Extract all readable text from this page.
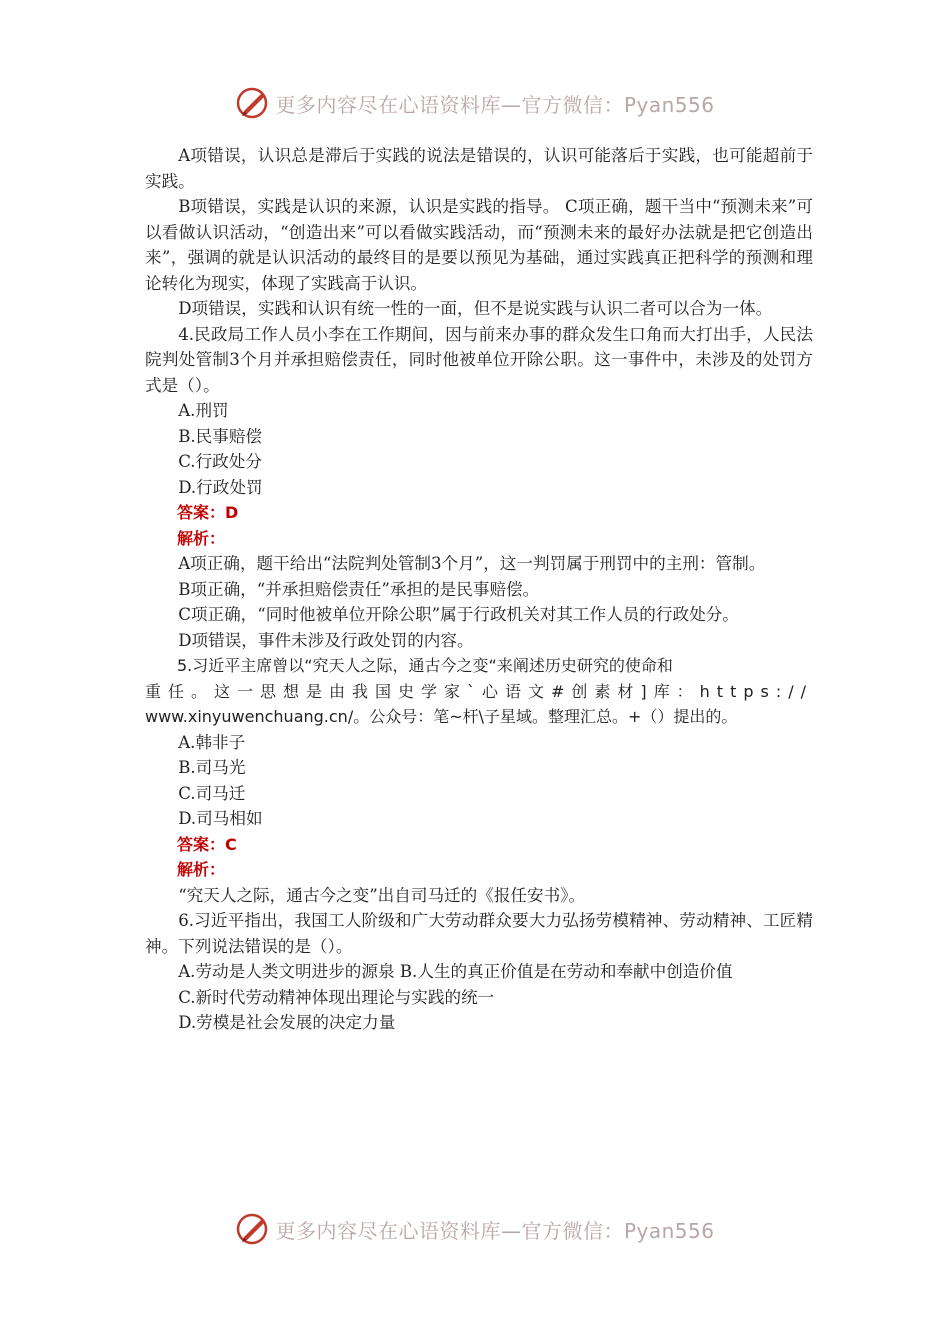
更多内容尽在心语资料库—官方微信：Pyan556

A项错误，认识总是滞后于实践的说法是错误的，认识可能落后于实践，也可能超前于实践。

B项错误，实践是认识的来源，认识是实践的指导。 C项正确，题干当中“预测未来”可以看做认识活动，“创造出来”可以看做实践活动，而“预测未来的最好办法就是把它创造出来”，强调的就是认识活动的最终目的是要以预见为基础，通过实践真正把科学的预测和理论转化为现实，体现了实践高于认识。

D项错误，实践和认识有统一性的一面，但不是说实践与认识二者可以合为一体。

4.民政局工作人员小李在工作期间，因与前来办事的群众发生口角而大打出手，人民法院判处管制3个月并承担赔偿责任，同时他被单位开除公职。这一事件中，未涉及的处罚方式是（）。

A.刑罚

B.民事赔偿

C.行政处分

D.行政处罚

答案：D

解析：

A项正确，题干给出“法院判处管制3个月”，这一判罚属于刑罚中的主刑：管制。

B项正确，“并承担赔偿责任”承担的是民事赔偿。

C项正确，“同时他被单位开除公职”属于行政机关对其工作人员的行政处分。

D项错误，事件未涉及行政处罚的内容。

5.习近平主席曾以“究天人之际，通古今之变“来阐述历史研究的使命和

重任。这一思想是由我国史学家`心语文#创素材]库：https://

www.xinyuwenchuang.cn/。公众号：笔~杆\子星域。整理汇总。+（）提出的。

A.韩非子

B.司马光

C.司马迁

D.司马相如

答案：C

解析：

“究天人之际，通古今之变”出自司马迁的《报任安书》。

6.习近平指出，我国工人阶级和广大劳动群众要大力弘扬劳模精神、劳动精神、工匠精神。下列说法错误的是（）。

A.劳动是人类文明进步的源泉 B.人生的真正价值是在劳动和奉献中创造价值

C.新时代劳动精神体现出理论与实践的统一

D.劳模是社会发展的决定力量

更多内容尽在心语资料库—官方微信：Pyan556
